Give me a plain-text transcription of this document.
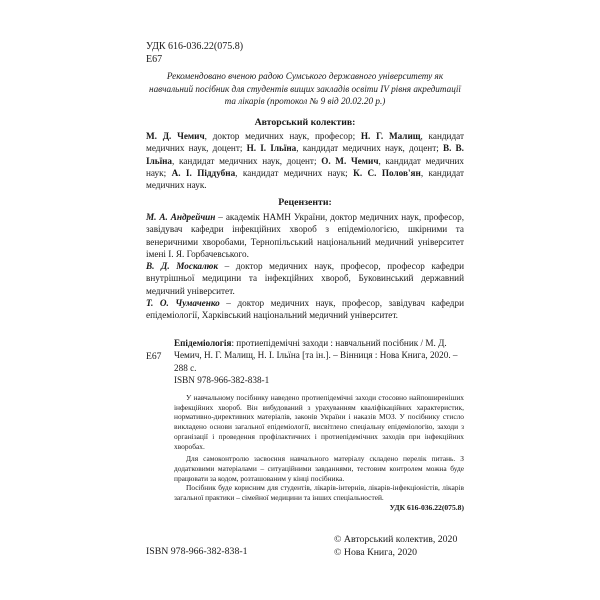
УДК 616-036.22(075.8)
Е67
Рекомендовано вченою радою Сумського державного університету як навчальний посібник для студентів вищих закладів освіти IV рівня акредитації та лікарів (протокол № 9 від 20.02.20 р.)
Авторський колектив:
М. Д. Чемич, доктор медичних наук, професор; Н. Г. Малищ, кандидат медичних наук, доцент; Н. І. Ільїна, кандидат медичних наук, доцент; В. В. Ільїна, кандидат медичних наук, доцент; О. М. Чемич, кандидат медичних наук; А. І. Піддубна, кандидат медичних наук; К. С. Полов'ян, кандидат медичних наук.
Рецензенти:

М. А. Андрейчин – академік НАМН України, доктор медичних наук, професор, завідувач кафедри інфекційних хвороб з епідеміологією, шкірними та венеричними хворобами, Тернопільський національний медичний університет імені І. Я. Горбачевського.

В. Д. Москалюк – доктор медичних наук, професор, професор кафедри внутрішньої медицини та інфекційних хвороб, Буковинський державний медичний університет.

Т. О. Чумаченко – доктор медичних наук, професор, завідувач кафедри епідеміології, Харківський національний медичний університет.

Е67
Епідеміологія: протиепідемічні заходи : навчальний посібник / М. Д. Чемич, Н. Г. Малищ, Н. І. Ільїна [та ін.]. – Вінниця : Нова Книга, 2020. – 288 с.
ISBN 978-966-382-838-1

У навчальному посібнику наведено протиепідемічні заходи стосовно найпоширеніших інфекційних хвороб. Він вибудований з урахуванням кваліфікаційних характеристик, нормативно-директивних матеріалів, законів України і наказів МОЗ. У посібнику стисло викладено основи загальної епідеміології, висвітлено спеціальну епідеміологію, заходи з організації і проведення профілактичних і протиепідемічних заходів при інфекційних хворобах.

Для самоконтролю засвоєння навчального матеріалу складено перелік питань. З додатковими матеріалами – ситуаційними завданнями, тестовим контролем можна буде працювати за кодом, розташованим у кінці посібника.

Посібник буде корисним для студентів, лікарів-інтернів, лікарів-інфекціоністів, лікарів загальної практики – сімейної медицини та інших спеціальностей.

УДК 616-036.22(075.8)
ISBN 978-966-382-838-1
© Авторський колектив, 2020
© Нова Книга, 2020
